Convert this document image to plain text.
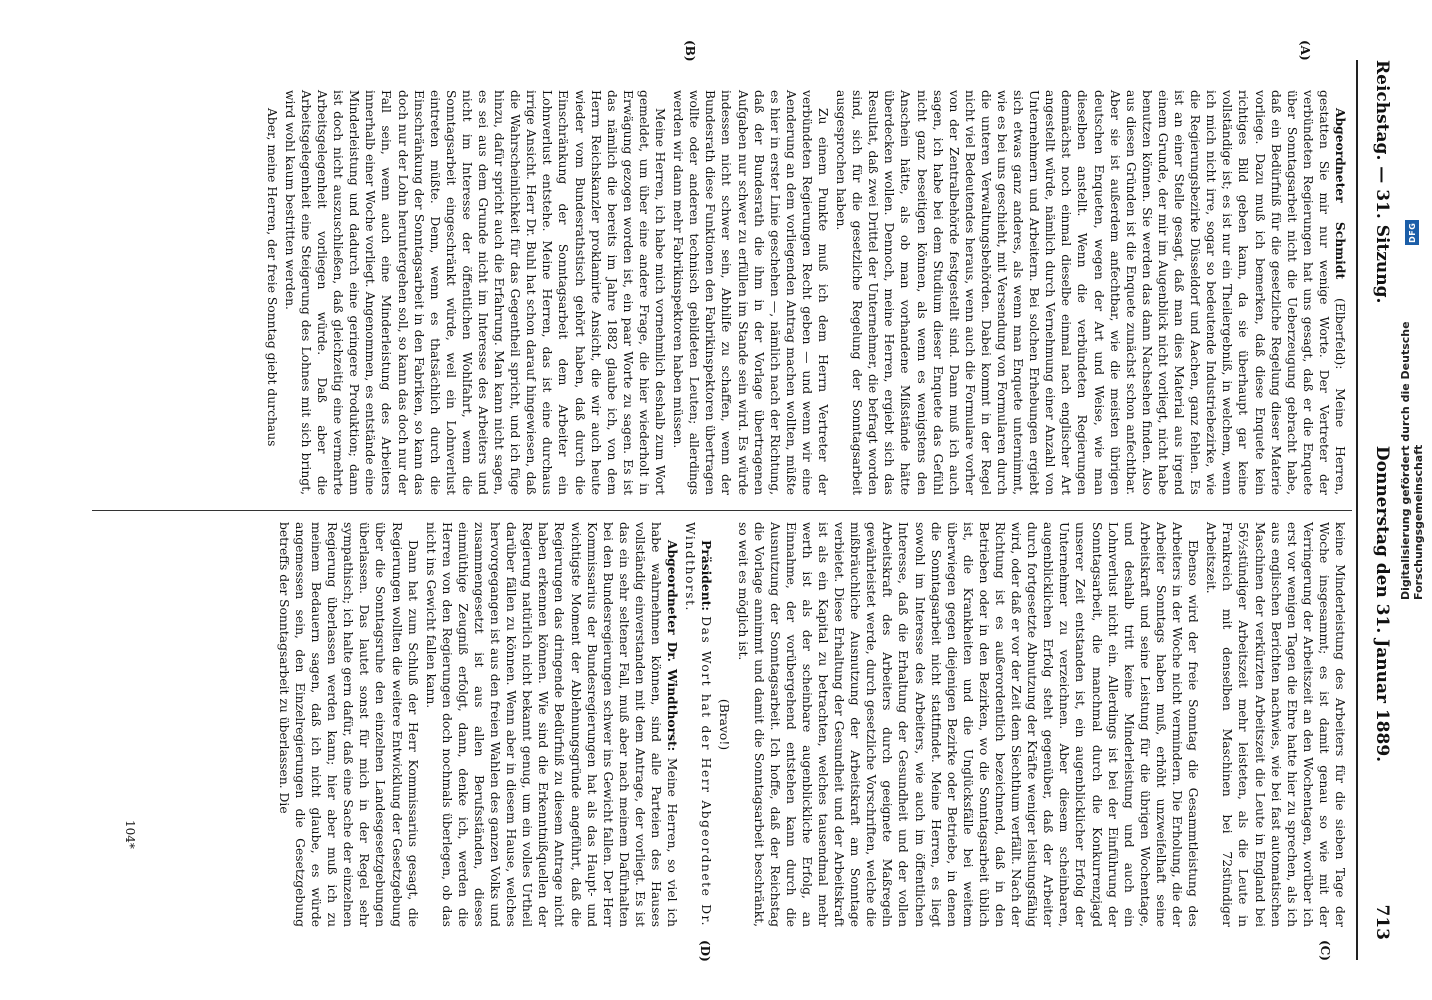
Reichstag. — 31. Sitzung.
Donnerstag den 31. Januar 1889.
713
(A)
(B)
(C)
(D)

Abgeordneter Schmidt (Elberfeld): Meine Herren, gestatten Sie mir nur wenige Worte. Der Vertreter der verbündeten Regierungen hat uns gesagt, daß er die Enquete über Sonntagsarbeit nicht die Ueberzeugung gebracht habe, daß ein Bedürfniß für die gesetzliche Regelung dieser Materie vorliege. Dazu muß ich bemerken, daß diese Enquete kein richtiges Bild geben kann, da sie überhaupt gar keine vollständige ist; es ist nur ein Theilergebniß, in welchem, wenn ich mich nicht irre, sogar so bedeutende Industriebezirke, wie die Regierungsbezirke Düsseldorf und Aachen, ganz fehlen. Es ist an einer Stelle gesagt, daß man dies Material aus irgend einem Grunde, der mir im Augenblick nicht vorliegt, nicht habe benutzen können. Sie werden das dann Nachsehen finden. Also aus diesen Gründen ist die Enquete zunächst schon anfechtbar. Aber sie ist außerdem anfechtbar, wie die meisten übrigen deutschen Enqueten, wegen der Art und Weise, wie man dieselben anstellt. Wenn die verbündeten Regierungen demnächst noch einmal dieselbe einmal nach englischer Art angestellt würde, nämlich durch Vernehmung einer Anzahl von Unternehmern und Arbeitern. Bei solchen Erhebungen ergiebt sich etwas ganz anderes, als wenn man Enquete unternimmt, wie es bei uns geschieht, mit Versendung von Formularen durch die unteren Verwaltungsbehörden. Dabei kommt in der Regel nicht viel Bedeutendes heraus, wenn auch die Formulare vorher von der Zentralbehörde festgestellt sind. Dann muß ich auch sagen, ich habe bei dem Studium dieser Enquete das Gefühl nicht ganz beseitigen können, als wenn es wenigstens den Anschein hätte, als ob man vorhandene Mißstände hätte überdecken wollen. Dennoch, meine Herren, ergiebt sich das Resultat, daß zwei Drittel der Unternehmer, die befragt worden sind, sich für die gesetzliche Regelung der Sonntagsarbeit ausgesprochen haben.

Zu einem Punkte muß ich dem Herrn Vertreter der verbündeten Regierungen Recht geben — und wenn wir eine Aenderung an dem vorliegenden Antrag machen wollten, müßte es hier in erster Linie geschehen —, nämlich nach der Richtung, daß der Bundesrath die ihm in der Vorlage übertragenen Aufgaben nur schwer zu erfüllen im Stande sein wird. Es würde indessen nicht schwer sein, Abhilfe zu schaffen, wenn der Bundesrath diese Funktionen den Fabrikinspektoren übertragen wollte oder anderen technisch gebildeten Leuten; allerdings werden wir dann mehr Fabrikinspektoren haben müssen.

Meine Herren, ich habe mich vornehmlich deshalb zum Wort gemeldet, um über eine andere Frage, die hier wiederholt in Erwägung gezogen worden ist, ein paar Worte zu sagen. Es ist das nämlich die bereits im Jahre 1882 glaube ich, von dem Herrn Reichskanzler proklamirte Ansicht, die wir auch heute wieder vom Bundesrathstisch gehört haben, daß durch die Einschränkung der Sonntagsarbeit dem Arbeiter ein Lohnverlust entstehe. Meine Herren, das ist eine durchaus irrige Ansicht. Herr Dr. Buhl hat schon darauf hingewiesen, daß die Wahrscheinlichkeit für das Gegentheil spricht, und ich füge hinzu, dafür spricht auch die Erfahrung. Man kann nicht sagen, es sei aus dem Grunde nicht im Interesse des Arbeiters und nicht im Interesse der öffentlichen Wohlfahrt, wenn die Sonntagsarbeit eingeschränkt würde, weil ein Lohnverlust eintreten müßte. Denn, wenn es thatsächlich durch die Einschränkung der Sonntagsarbeit in den Fabriken, so kann das doch nur der Lohn heruntergehen soll, so kann das doch nur der Fall sein, wenn auch eine Minderleistung des Arbeiters innerhalb einer Woche vorliegt. Angenommen, es entstände eine Minderleistung und dadurch eine geringere Produktion; dann ist doch nicht auszuschließen, daß gleichzeitig eine vermehrte Arbeitsgelegenheit vorliegen würde. Daß aber die Arbeitsgelegenheit eine Steigerung des Lohnes mit sich bringt, wird wohl kaum bestritten werden.

Aber, meine Herren, der freie Sonntag giebt durchaus

keine Minderleistung des Arbeiters für die sieben Tage der Woche insgesammt; es ist damit genau so wie mit der Verringerung der Arbeitszeit an den Wochentagen, worüber ich erst vor wenigen Tagen die Ehre hatte hier zu sprechen, als ich aus englischen Berichten nachwies, wie bei fast automatischen Maschinen der verkürzten Arbeitszeit die Leute in England bei 56½stündiger Arbeitszeit mehr leisteten, als die Leute in Frankreich mit denselben Maschinen bei 72stündiger Arbeitszeit.

Ebenso wird der freie Sonntag die Gesammtleistung des Arbeiters in der Woche nicht vermindern. Die Erholung, die der Arbeiter Sonntags haben muß, erhöht unzweifelhaft seine Arbeitskraft und seine Leistung für die übrigen Wochentage, und deshalb tritt keine Minderleistung und auch ein Lohnverlust nicht ein. Allerdings ist bei der Einführung der Sonntagsarbeit, die manchmal durch die Konkurrenzjagd unserer Zeit entstanden ist, ein augenblicklicher Erfolg der Unternehmer zu verzeichnen. Aber diesem scheinbaren, augenblicklichen Erfolg steht gegenüber, daß der Arbeiter durch fortgesetzte Abnutzung der Kräfte weniger leistungsfähig wird, oder daß er vor der Zeit dem Siechthum verfällt. Nach der Richtung ist es außerordentlich bezeichnend, daß in den Betrieben oder in den Bezirken, wo die Sonntagsarbeit üblich ist, die Krankheiten und die Unglücksfälle bei weitem überwiegen gegen diejenigen Bezirke oder Betriebe, in denen die Sonntagsarbeit nicht stattfindet. Meine Herren, es liegt sowohl im Interesse des Arbeiters, wie auch im öffentlichen Interesse, daß die Erhaltung der Gesundheit und der vollen Arbeitskraft des Arbeiters durch geeignete Maßregeln gewährleistet werde, durch gesetzliche Vorschriften, welche die mißbräuchliche Ausnutzung der Arbeitskraft am Sonntage verbietet. Diese Erhaltung der Gesundheit und der Arbeitskraft ist als ein Kapital zu betrachten, welches tausendmal mehr werth ist als der scheinbare augenblickliche Erfolg, an Einnahme, der vorübergehend entstehen kann durch die Ausnutzung der Sonntagsarbeit. Ich hoffe, daß der Reichstag die Vorlage annimmt und damit die Sonntagsarbeit beschränkt, so weit es möglich ist.

(Bravo!)

Präsident: Das Wort hat der Herr Abgeordnete Dr. Windthorst.

Abgeordneter Dr. Windthorst: Meine Herren, so viel ich habe wahrnehmen können, sind alle Parteien des Hauses vollständig einverstanden mit dem Antrage, der vorliegt. Es ist das ein sehr seltener Fall, muß aber nach meinem Dafürhalten bei den Bundesregierungen schwer ins Gewicht fallen. Der Herr Kommissarius der Bundesregierungen hat als das Haupt- und wichtigste Moment der Ablehnungsgründe angeführt, daß die Regierungen das dringende Bedürfniß zu diesem Antrage nicht haben erkennen können. Wie sind die Erkenntnißquellen der Regierung natürlich nicht bekannt genug, um ein volles Urtheil darüber fällen zu können. Wenn aber in diesem Hause, welches hervorgegangen ist aus den freien Wahlen des ganzen Volks und zusammengesetzt ist aus allen Berufsständen, dieses einmüthige Zeugniß erfolgt, dann, denke ich, werden die Herren von den Regierungen doch nochmals überlegen, ob das nicht ins Gewicht fallen kann.

Dann hat zum Schluß der Herr Kommissarius gesagt, die Regierungen wollten die weitere Entwicklung der Gesetzgebung über die Sonntagsruhe den einzelnen Landesgesetzgebungen überlassen. Das lautet sonst für mich in der Regel sehr sympathisch; ich halte gern dafür, daß eine Sache der einzelnen Regierung überlassen werden kann; hier aber muß ich zu meinem Bedauern sagen, daß ich nicht glaube, es würde angemessen sein, den Einzelregierungen die Gesetzgebung betreffs der Sonntagsarbeit zu überlassen. Die

104*
Digitalisierung gefördert durch die Deutsche Forschungsgemeinschaft
DFG
